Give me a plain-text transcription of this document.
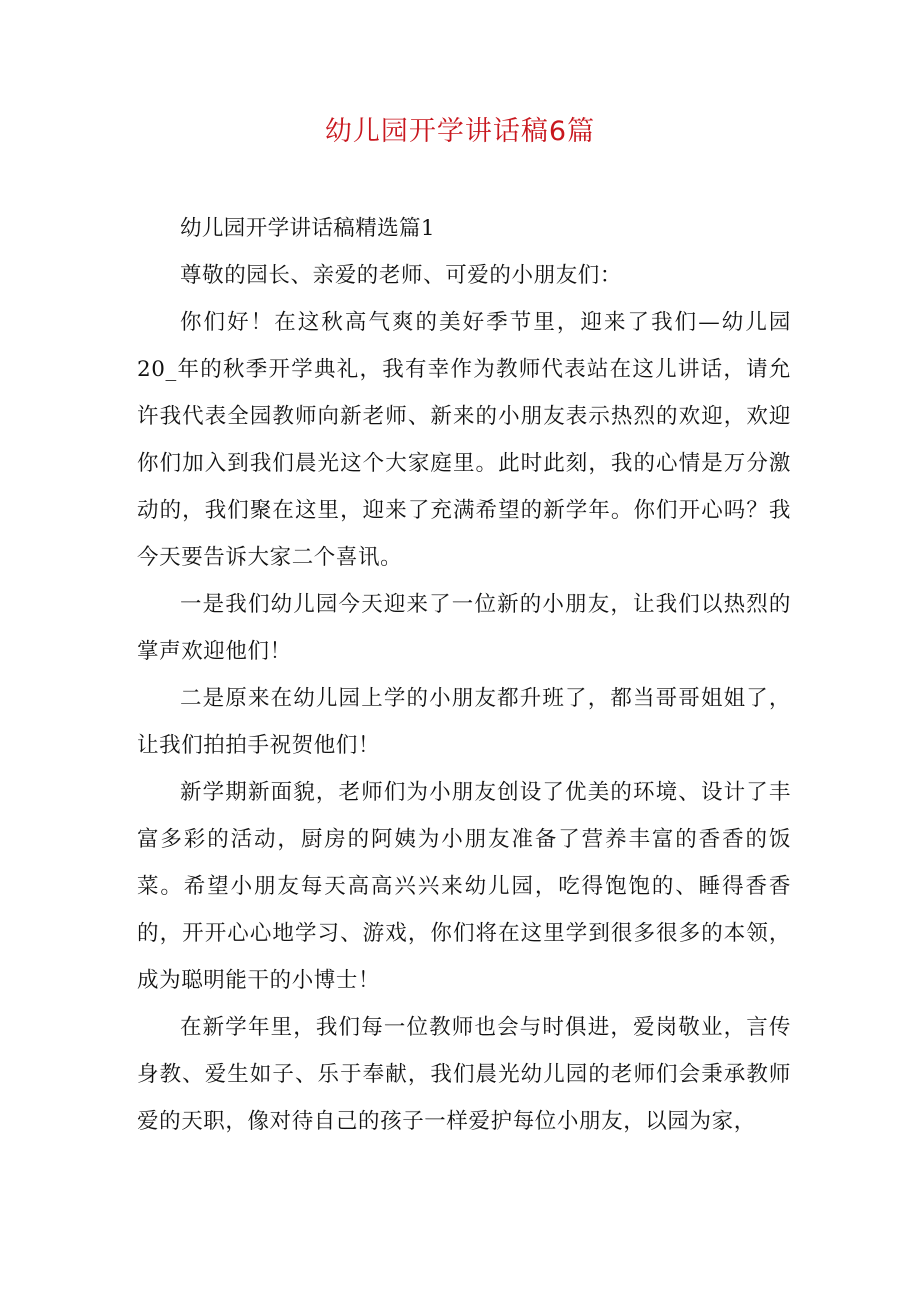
幼儿园开学讲话稿6篇

幼儿园开学讲话稿精选篇1

尊敬的园长、亲爱的老师、可爱的小朋友们：

你们好！在这秋高气爽的美好季节里，迎来了我们—幼儿园20_年的秋季开学典礼，我有幸作为教师代表站在这儿讲话，请允许我代表全园教师向新老师、新来的小朋友表示热烈的欢迎，欢迎你们加入到我们晨光这个大家庭里。此时此刻，我的心情是万分激动的，我们聚在这里，迎来了充满希望的新学年。你们开心吗？我今天要告诉大家二个喜讯。

一是我们幼儿园今天迎来了一位新的小朋友，让我们以热烈的掌声欢迎他们！

二是原来在幼儿园上学的小朋友都升班了，都当哥哥姐姐了，让我们拍拍手祝贺他们！

新学期新面貌，老师们为小朋友创设了优美的环境、设计了丰富多彩的活动，厨房的阿姨为小朋友准备了营养丰富的香香的饭菜。希望小朋友每天高高兴兴来幼儿园，吃得饱饱的、睡得香香的，开开心心地学习、游戏，你们将在这里学到很多很多的本领，成为聪明能干的小博士！

在新学年里，我们每一位教师也会与时俱进，爱岗敬业，言传身教、爱生如子、乐于奉献，我们晨光幼儿园的老师们会秉承教师爱的天职，像对待自己的孩子一样爱护每位小朋友，以园为家，
